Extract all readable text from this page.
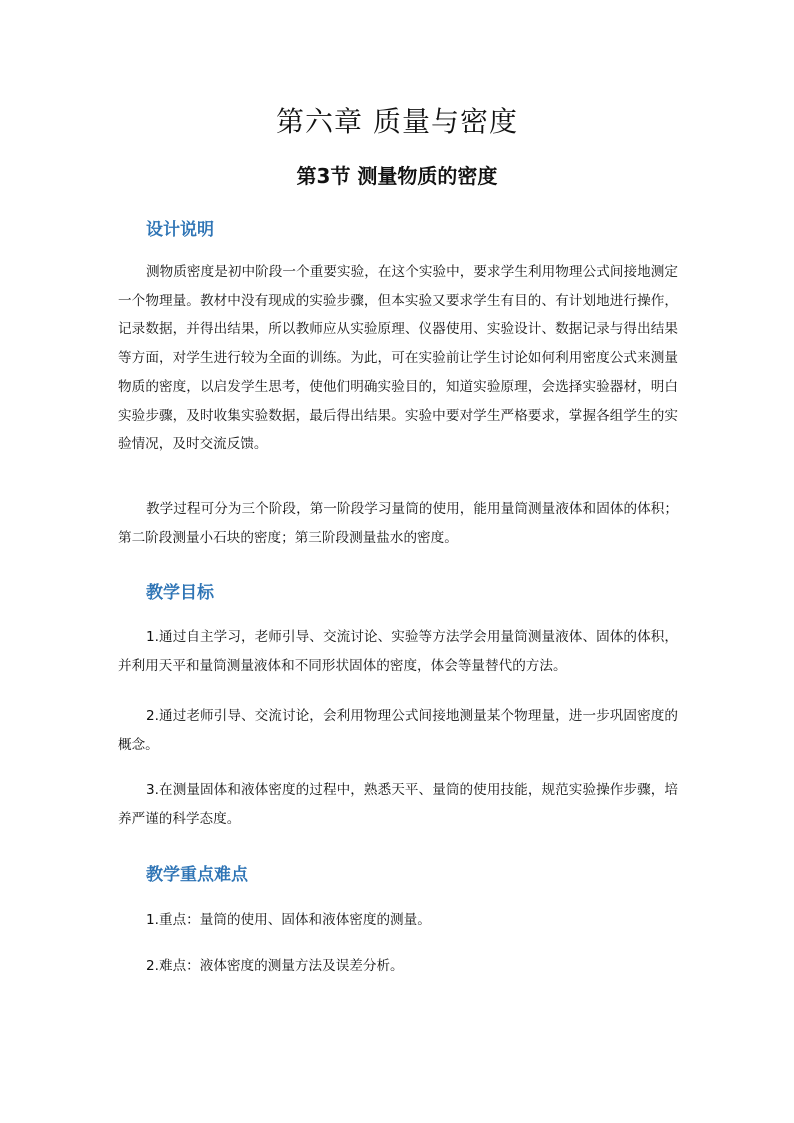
第六章 质量与密度
第3节 测量物质的密度
设计说明

测物质密度是初中阶段一个重要实验，在这个实验中，要求学生利用物理公式间接地测定一个物理量。教材中没有现成的实验步骤，但本实验又要求学生有目的、有计划地进行操作，记录数据，并得出结果，所以教师应从实验原理、仪器使用、实验设计、数据记录与得出结果等方面，对学生进行较为全面的训练。为此，可在实验前让学生讨论如何利用密度公式来测量物质的密度，以启发学生思考，使他们明确实验目的，知道实验原理，会选择实验器材，明白实验步骤，及时收集实验数据，最后得出结果。实验中要对学生严格要求，掌握各组学生的实验情况，及时交流反馈。

教学过程可分为三个阶段，第一阶段学习量筒的使用，能用量筒测量液体和固体的体积；第二阶段测量小石块的密度；第三阶段测量盐水的密度。

教学目标

1.通过自主学习，老师引导、交流讨论、实验等方法学会用量筒测量液体、固体的体积，并利用天平和量筒测量液体和不同形状固体的密度，体会等量替代的方法。

2.通过老师引导、交流讨论，会利用物理公式间接地测量某个物理量，进一步巩固密度的概念。

3.在测量固体和液体密度的过程中，熟悉天平、量筒的使用技能，规范实验操作步骤，培养严谨的科学态度。

教学重点难点

1.重点：量筒的使用、固体和液体密度的测量。

2.难点：液体密度的测量方法及误差分析。
